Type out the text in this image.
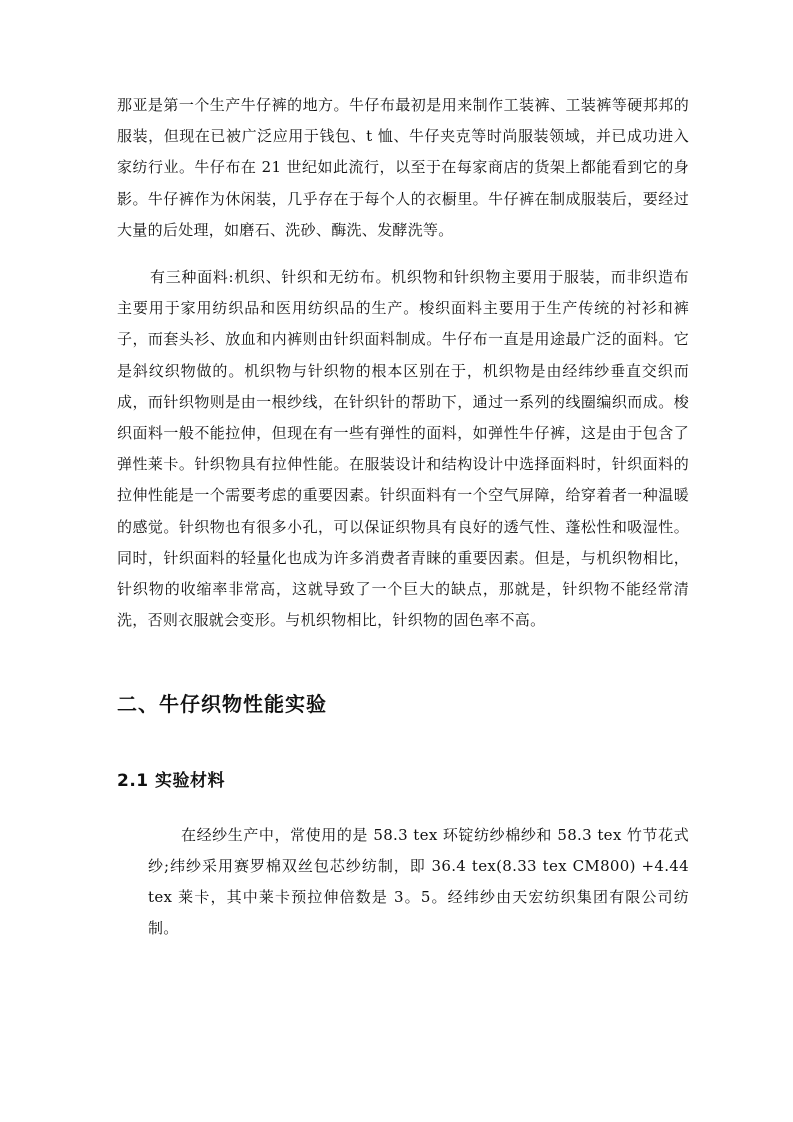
那亚是第一个生产牛仔裤的地方。牛仔布最初是用来制作工装裤、工装裤等硬邦邦的服装，但现在已被广泛应用于钱包、t 恤、牛仔夹克等时尚服装领域，并已成功进入家纺行业。牛仔布在 21 世纪如此流行，以至于在每家商店的货架上都能看到它的身影。牛仔裤作为休闲装，几乎存在于每个人的衣橱里。牛仔裤在制成服装后，要经过大量的后处理，如磨石、洗砂、酶洗、发酵洗等。

有三种面料:机织、针织和无纺布。机织物和针织物主要用于服装，而非织造布主要用于家用纺织品和医用纺织品的生产。梭织面料主要用于生产传统的衬衫和裤子，而套头衫、放血和内裤则由针织面料制成。牛仔布一直是用途最广泛的面料。它是斜纹织物做的。机织物与针织物的根本区别在于，机织物是由经纬纱垂直交织而成，而针织物则是由一根纱线，在针织针的帮助下，通过一系列的线圈编织而成。梭织面料一般不能拉伸，但现在有一些有弹性的面料，如弹性牛仔裤，这是由于包含了弹性莱卡。针织物具有拉伸性能。在服装设计和结构设计中选择面料时，针织面料的拉伸性能是一个需要考虑的重要因素。针织面料有一个空气屏障，给穿着者一种温暖的感觉。针织物也有很多小孔，可以保证织物具有良好的透气性、蓬松性和吸湿性。同时，针织面料的轻量化也成为许多消费者青睐的重要因素。但是，与机织物相比，针织物的收缩率非常高，这就导致了一个巨大的缺点，那就是，针织物不能经常清洗，否则衣服就会变形。与机织物相比，针织物的固色率不高。

二、牛仔织物性能实验
2.1 实验材料

在经纱生产中，常使用的是 58.3 tex 环锭纺纱棉纱和 58.3 tex 竹节花式纱;纬纱采用赛罗棉双丝包芯纱纺制，即 36.4 tex(8.33 tex CM800) +4.44 tex 莱卡，其中莱卡预拉伸倍数是 3。5。经纬纱由天宏纺织集团有限公司纺制。
